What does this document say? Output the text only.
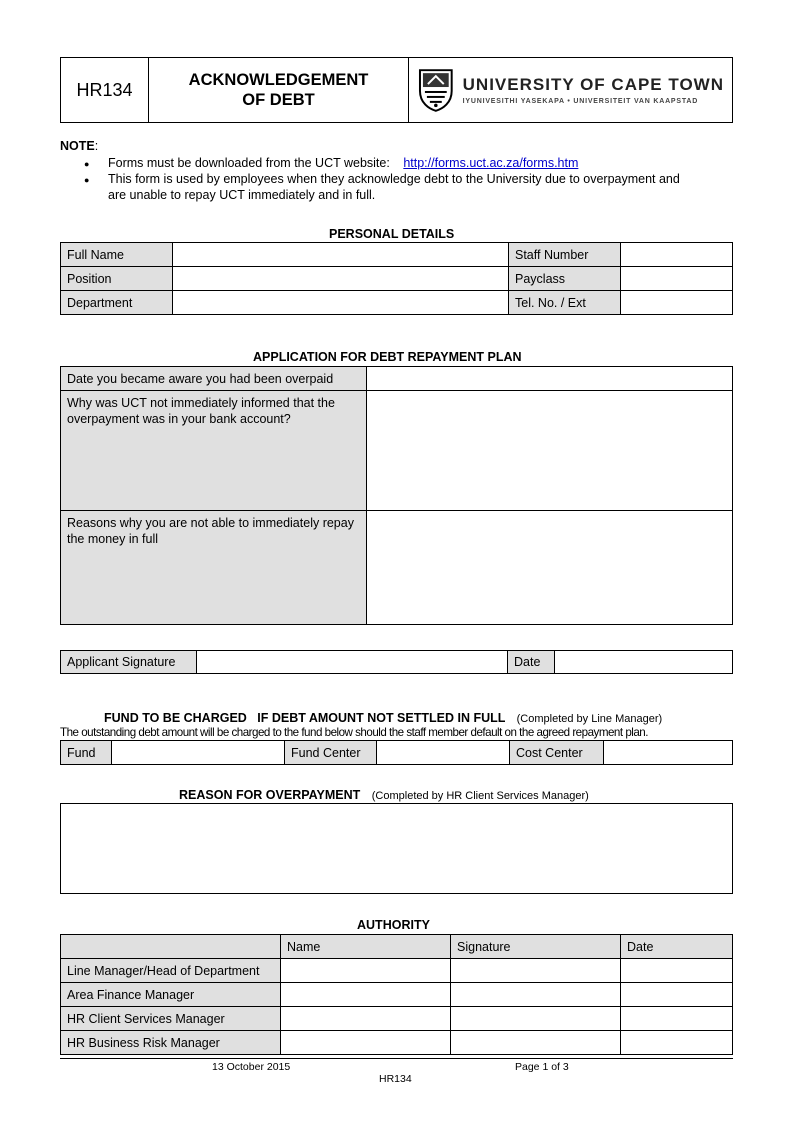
HR134	ACKNOWLEDGEMENT
OF DEBT	
UNIVERSITY OF CAPE TOWN
IYUNIVESITHI YASEKAPA • UNIVERSITEIT VAN KAAPSTAD
NOTE:
● Forms must be downloaded from the UCT website: http://forms.uct.ac.za/forms.htm
● This form is used by employees when they acknowledge debt to the University due to overpayment and
are unable to repay UCT immediately and in full.
PERSONAL DETAILS
Full Name		Staff Number	
Position		Payclass	
Department		Tel. No. / Ext	
APPLICATION FOR DEBT REPAYMENT PLAN
Date you became aware you had been overpaid	
Why was UCT not immediately informed that the overpayment was in your bank account?	
Reasons why you are not able to immediately repay the money in full	
Applicant Signature		Date	
FUND TO BE CHARGED   IF DEBT AMOUNT NOT SETTLED IN FULL (Completed by Line Manager)
The outstanding debt amount will be charged to the fund below should the staff member default on the agreed repayment plan.
Fund		Fund Center		Cost Center	
REASON FOR OVERPAYMENT (Completed by HR Client Services Manager)
AUTHORITY
	Name	Signature	Date
Line Manager/Head of Department			
Area Finance Manager			
HR Client Services Manager			
HR Business Risk Manager			
13 October 2015	Page 1 of 3
HR134
